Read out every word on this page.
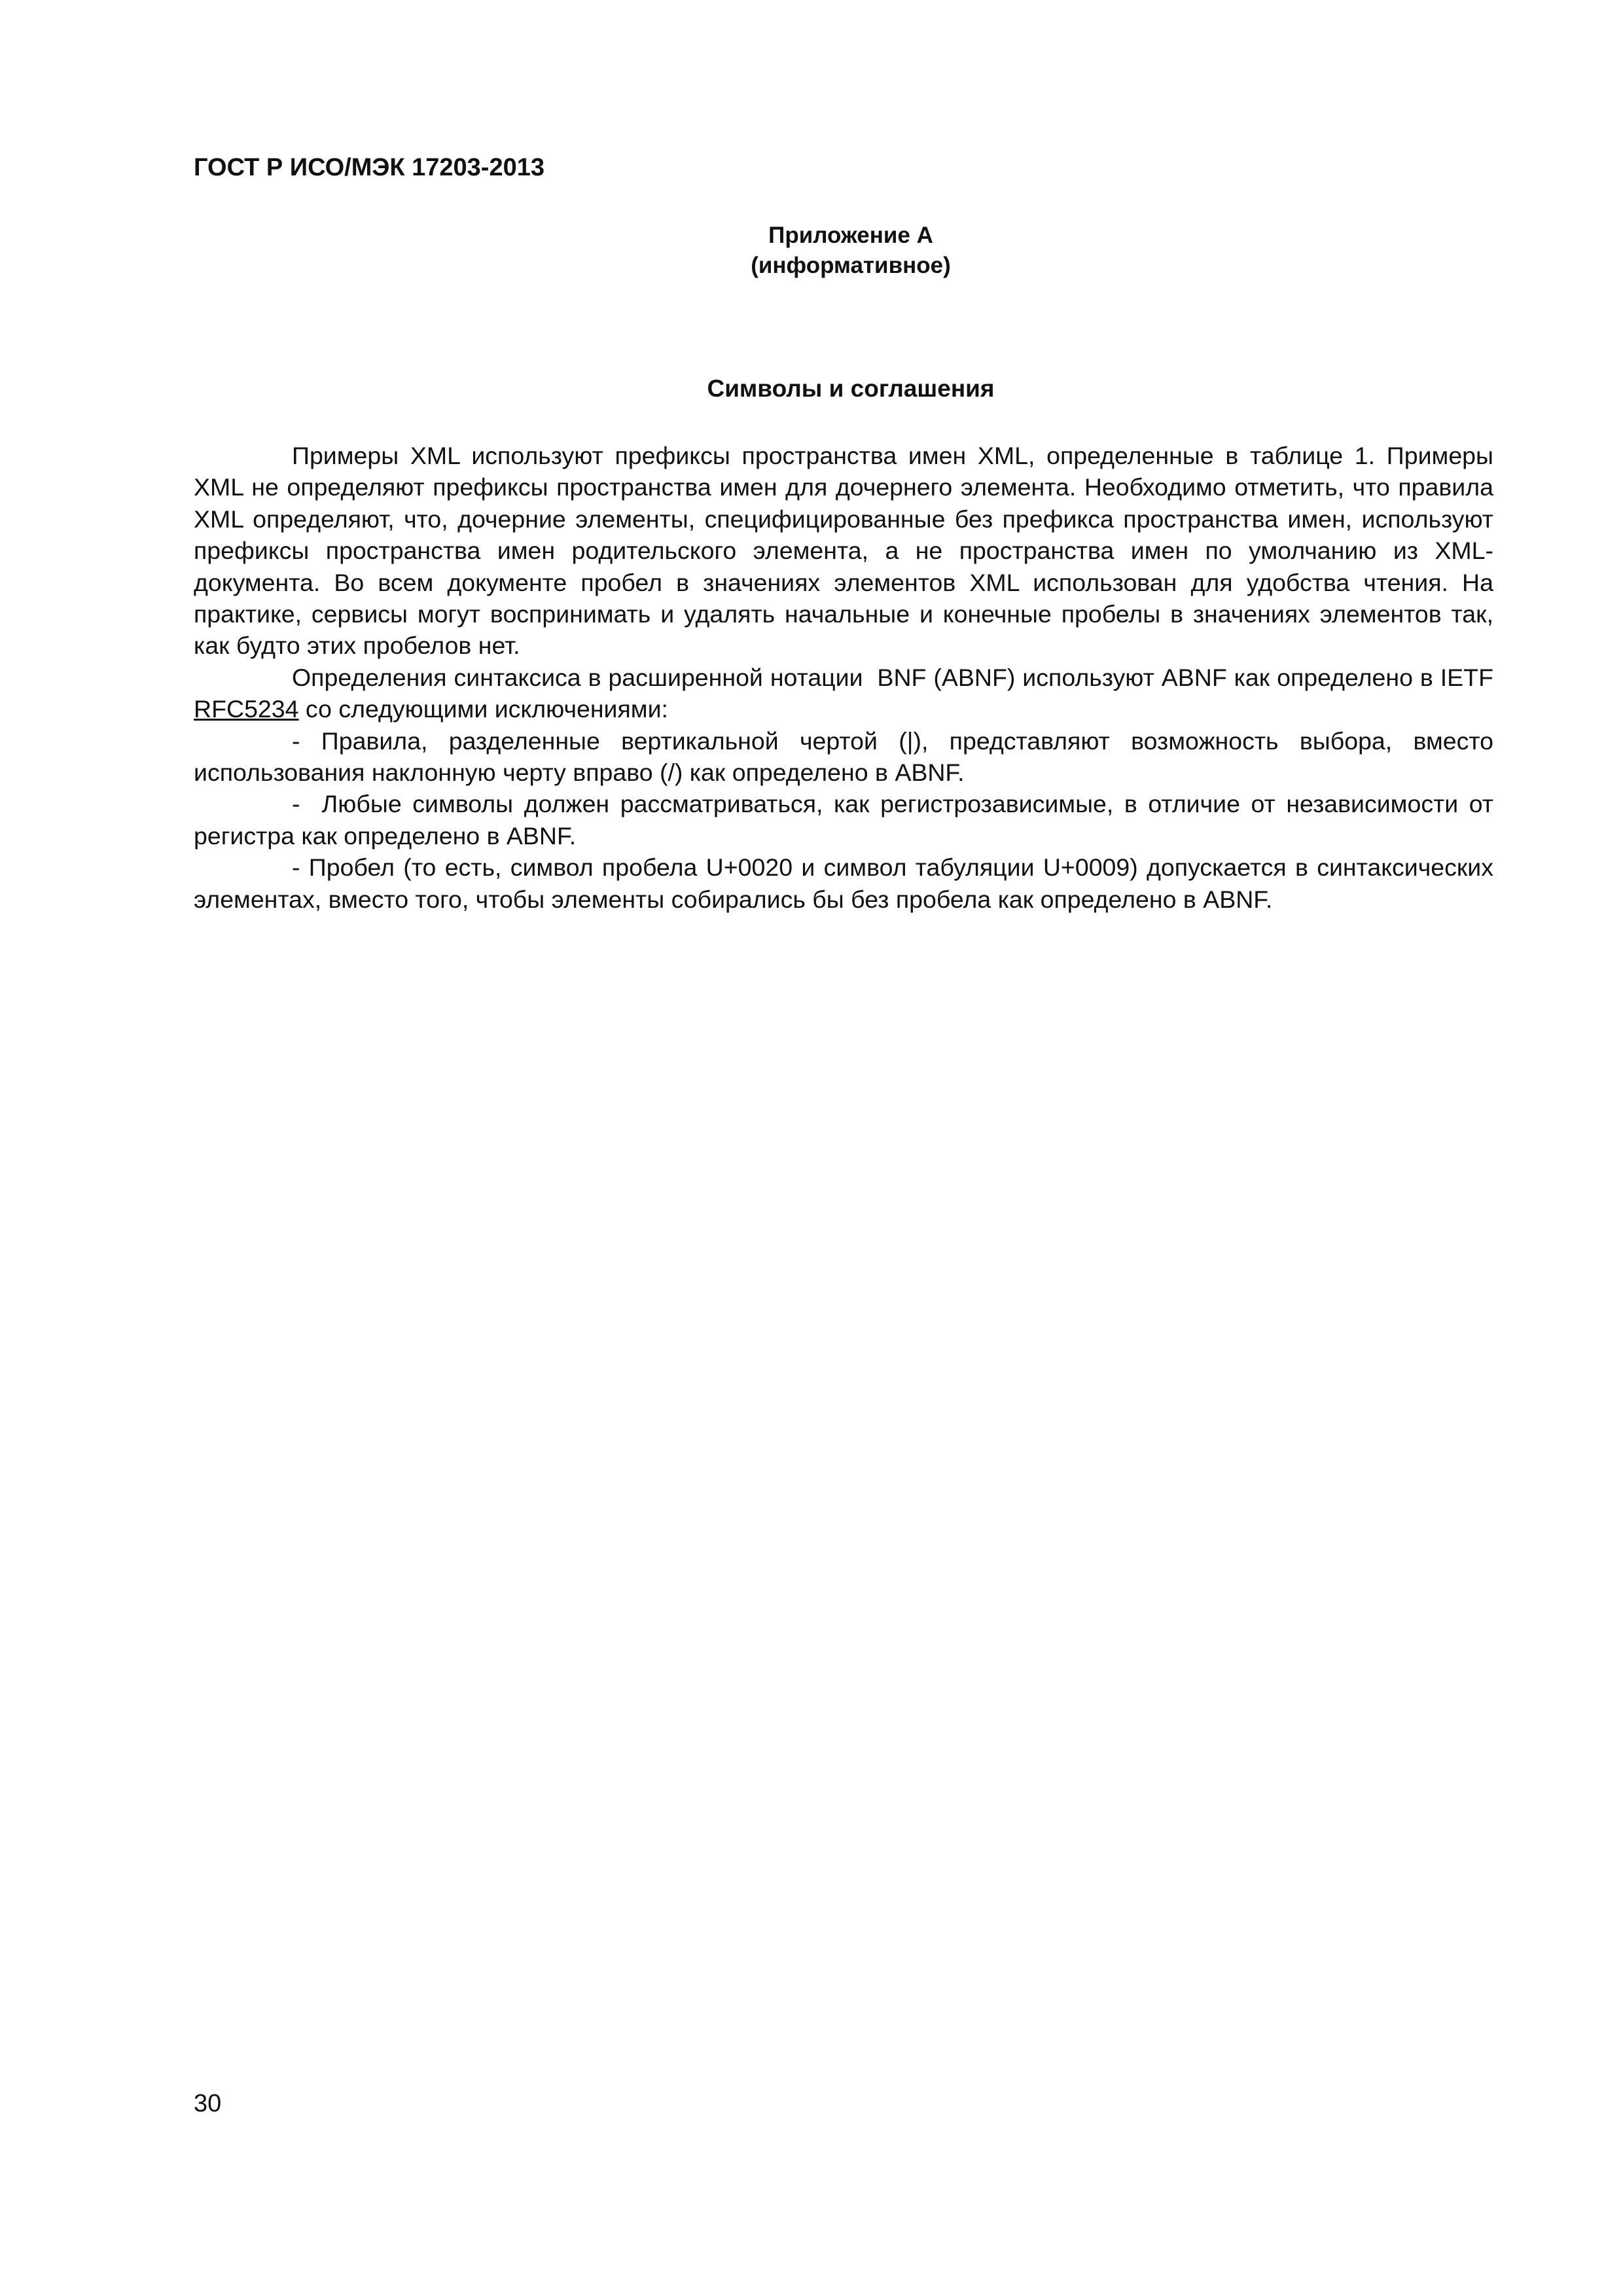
ГОСТ Р ИСО/МЭК 17203-2013
Приложение А
(информативное)
Символы и соглашения

Примеры XML используют префиксы пространства имен XML, определенные в таблице 1. Примеры XML не определяют префиксы пространства имен для дочернего элемента. Необходимо отметить, что правила XML определяют, что, дочерние элементы, специфицированные без префикса пространства имен, используют префиксы пространства имен родительского элемента, а не пространства имен по умолчанию из XML-документа. Во всем документе пробел в значениях элементов XML использован для удобства чтения. На практике, сервисы могут воспринимать и удалять начальные и конечные пробелы в значениях элементов так, как будто этих пробелов нет.

Определения синтаксиса в расширенной нотации  BNF (ABNF) используют ABNF как определено в IETF RFC5234 со следующими исключениями:

- Правила, разделенные вертикальной чертой (|), представляют возможность выбора, вместо использования наклонную черту вправо (/) как определено в ABNF.

-  Любые символы должен рассматриваться, как регистрозависимые, в отличие от независимости от регистра как определено в ABNF.

- Пробел (то есть, символ пробела U+0020 и символ табуляции U+0009) допускается в синтаксических элементах, вместо того, чтобы элементы собирались бы без пробела как определено в ABNF.

30
